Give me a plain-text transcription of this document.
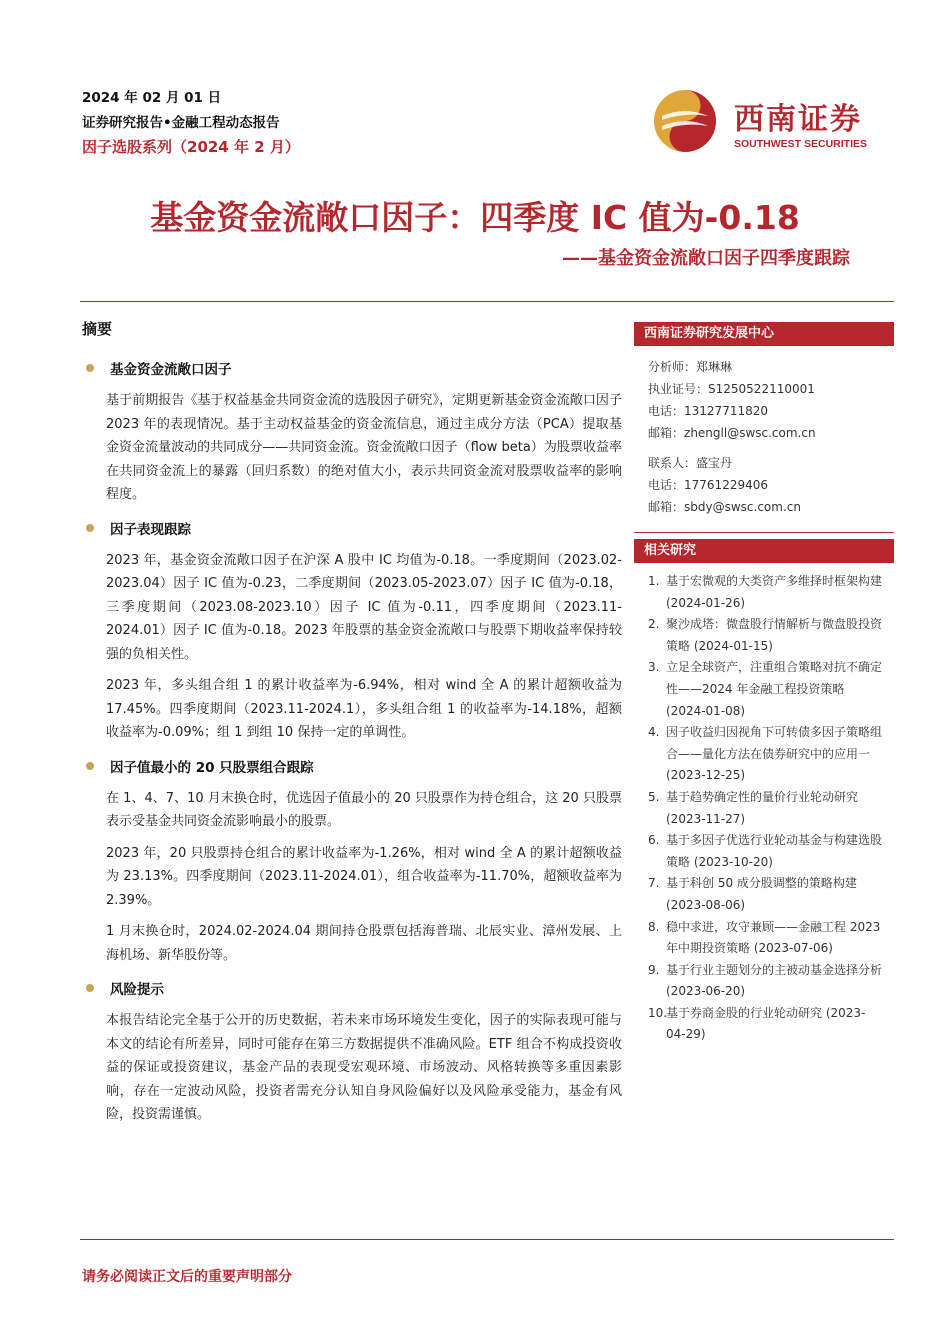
2024 年 02 月 01 日
证券研究报告•金融工程动态报告
因子选股系列（2024 年 2 月）
西南证券
SOUTHWEST SECURITIES
基金资金流敞口因子：四季度 IC 值为-0.18
——基金资金流敞口因子四季度跟踪
摘要
基金资金流敞口因子

基于前期报告《基于权益基金共同资金流的选股因子研究》，定期更新基金资金流敞口因子 2023 年的表现情况。基于主动权益基金的资金流信息，通过主成分方法（PCA）提取基金资金流量波动的共同成分——共同资金流。资金流敞口因子（flow beta）为股票收益率在共同资金流上的暴露（回归系数）的绝对值大小，表示共同资金流对股票收益率的影响程度。

因子表现跟踪

2023 年，基金资金流敞口因子在沪深 A 股中 IC 均值为-0.18。一季度期间（2023.02-2023.04）因子 IC 值为-0.23，二季度期间（2023.05-2023.07）因子 IC 值为-0.18，三季度期间（2023.08-2023.10）因子 IC 值为-0.11，四季度期间（2023.11-2024.01）因子 IC 值为-0.18。2023 年股票的基金资金流敞口与股票下期收益率保持较强的负相关性。

2023 年，多头组合组 1 的累计收益率为-6.94%，相对 wind 全 A 的累计超额收益为 17.45%。四季度期间（2023.11-2024.1），多头组合组 1 的收益率为-14.18%，超额收益率为-0.09%；组 1 到组 10 保持一定的单调性。

因子值最小的 20 只股票组合跟踪

在 1、4、7、10 月末换仓时，优选因子值最小的 20 只股票作为持仓组合，这 20 只股票表示受基金共同资金流影响最小的股票。

2023 年，20 只股票持仓组合的累计收益率为-1.26%，相对 wind 全 A 的累计超额收益为 23.13%。四季度期间（2023.11-2024.01），组合收益率为-11.70%，超额收益率为 2.39%。

1 月末换仓时，2024.02-2024.04 期间持仓股票包括海普瑞、北辰实业、漳州发展、上海机场、新华股份等。

风险提示

本报告结论完全基于公开的历史数据，若未来市场环境发生变化，因子的实际表现可能与本文的结论有所差异，同时可能存在第三方数据提供不准确风险。ETF 组合不构成投资收益的保证或投资建议，基金产品的表现受宏观环境、市场波动、风格转换等多重因素影响，存在一定波动风险，投资者需充分认知自身风险偏好以及风险承受能力，基金有风险，投资需谨慎。

西南证券研究发展中心
分析师：郑琳琳
执业证号：S1250522110001
电话：13127711820
邮箱：zhengll@swsc.com.cn
联系人：盛宝丹
电话：17761229406
邮箱：sbdy@swsc.com.cn
相关研究
1. 基于宏微观的大类资产多维择时框架构建 (2024-01-26)
2. 聚沙成塔：微盘股行情解析与微盘股投资策略 (2024-01-15)
3. 立足全球资产，注重组合策略对抗不确定性——2024 年金融工程投资策略 (2024-01-08)
4. 因子收益归因视角下可转债多因子策略组合——量化方法在债券研究中的应用一 (2023-12-25)
5. 基于趋势确定性的量价行业轮动研究 (2023-11-27)
6. 基于多因子优选行业轮动基金与构建选股策略 (2023-10-20)
7. 基于科创 50 成分股调整的策略构建 (2023-08-06)
8. 稳中求进，攻守兼顾——金融工程 2023 年中期投资策略 (2023-07-06)
9. 基于行业主题划分的主被动基金选择分析 (2023-06-20)
10.
基于券商金股的行业轮动研究 (2023-04-29)
请务必阅读正文后的重要声明部分
